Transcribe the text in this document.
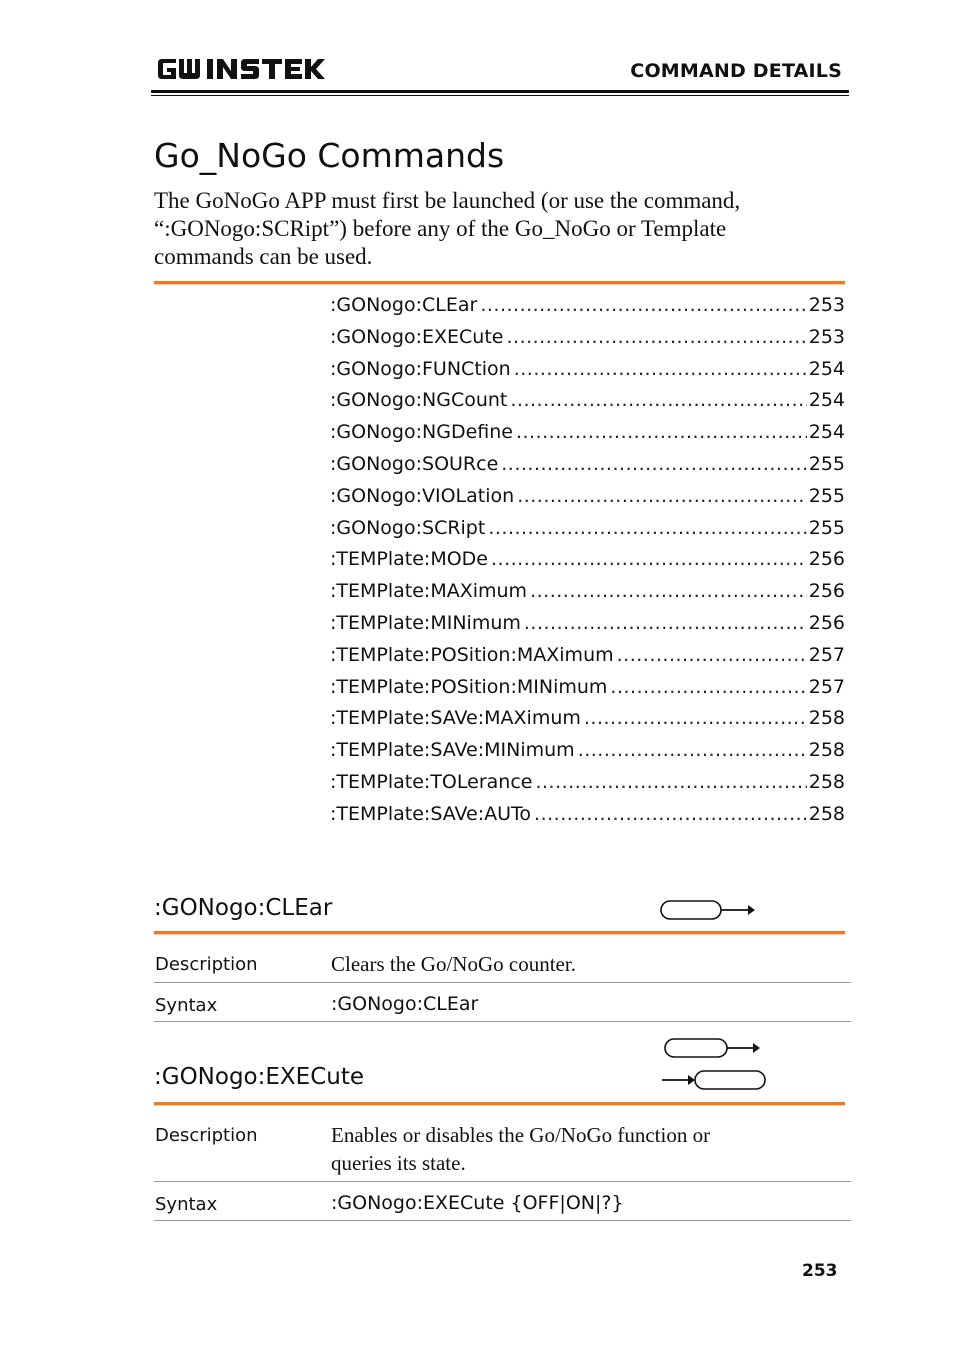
COMMAND DETAILS
Go_NoGo Commands
The GoNoGo APP must first be launched (or use the command, “:GONogo:SCRipt”) before any of the Go_NoGo or Template commands can be used.
:GONogo:CLEar .....	253
:GONogo:EXECute .....	253
:GONogo:FUNCtion .....	254
:GONogo:NGCount .....	254
:GONogo:NGDefine .....	254
:GONogo:SOURce .....	255
:GONogo:VIOLation .....	255
:GONogo:SCRipt .....	255
:TEMPlate:MODe .....	256
:TEMPlate:MAXimum .....	256
:TEMPlate:MINimum .....	256
:TEMPlate:POSition:MAXimum .....	257
:TEMPlate:POSition:MINimum .....	257
:TEMPlate:SAVe:MAXimum .....	258
:TEMPlate:SAVe:MINimum .....	258
:TEMPlate:TOLerance .....	258
:TEMPlate:SAVe:AUTo .....	258
:GONogo:CLEar
Description	Clears the Go/NoGo counter.
Syntax	:GONogo:CLEar
:GONogo:EXECute
Description	Enables or disables the Go/NoGo function or
queries its state.
Syntax	:GONogo:EXECute {OFF|ON|?}
253
